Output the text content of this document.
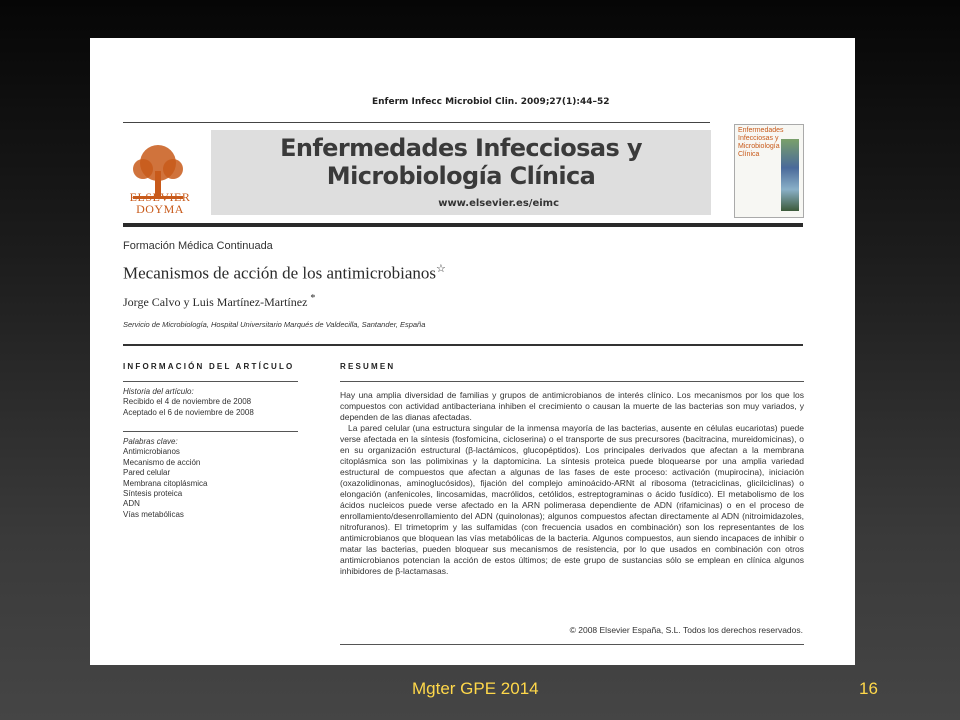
Enferm Infecc Microbiol Clin. 2009;27(1):44–52
ELSEVIER
DOYMA
Enfermedades Infecciosas y
Microbiología Clínica
www.elsevier.es/eimc
Enfermedades Infecciosas y Microbiología Clínica
Formación Médica Continuada
Mecanismos de acción de los antimicrobianos☆
Jorge Calvo y Luis Martínez-Martínez *
Servicio de Microbiología, Hospital Universitario Marqués de Valdecilla, Santander, España
INFORMACIÓN DEL ARTÍCULO	RESUMEN
Historia del artículo:
Recibido el 4 de noviembre de 2008
Aceptado el 6 de noviembre de 2008
Palabras clave:
Antimicrobianos
Mecanismo de acción
Pared celular
Membrana citoplásmica
Síntesis proteica
ADN
Vías metabólicas

Hay una amplia diversidad de familias y grupos de antimicrobianos de interés clínico. Los mecanismos por los que los compuestos con actividad antibacteriana inhiben el crecimiento o causan la muerte de las bacterias son muy variados, y dependen de las dianas afectadas.

La pared celular (una estructura singular de la inmensa mayoría de las bacterias, ausente en células eucariotas) puede verse afectada en la síntesis (fosfomicina, cicloserina) o el transporte de sus precursores (bacitracina, mureidomicinas), o en su organización estructural (β-lactámicos, glucopéptidos). Los principales derivados que afectan a la membrana citoplásmica son las polimixinas y la daptomicina. La síntesis proteica puede bloquearse por una amplia variedad estructural de compuestos que afectan a algunas de las fases de este proceso: activación (mupirocina), iniciación (oxazolidinonas, aminoglucósidos), fijación del complejo aminoácido-ARNt al ribosoma (tetraciclinas, glicilciclinas) o elongación (anfenicoles, lincosamidas, macrólidos, cetólidos, estreptograminas o ácido fusídico). El metabolismo de los ácidos nucleicos puede verse afectado en la ARN polimerasa dependiente de ADN (rifamicinas) o en el proceso de enrollamiento/desenrollamiento del ADN (quinolonas); algunos compuestos afectan directamente al ADN (nitroimidazoles, nitrofuranos). El trimetoprim y las sulfamidas (con frecuencia usados en combinación) son los representantes de los antimicrobianos que bloquean las vías metabólicas de la bacteria. Algunos compuestos, aun siendo incapaces de inhibir o matar las bacterias, pueden bloquear sus mecanismos de resistencia, por lo que usados en combinación con otros antimicrobianos potencian la acción de estos últimos; de este grupo de sustancias sólo se emplean en clínica algunos inhibidores de β-lactamasas.

© 2008 Elsevier España, S.L. Todos los derechos reservados.
Mgter GPE 2014	16
